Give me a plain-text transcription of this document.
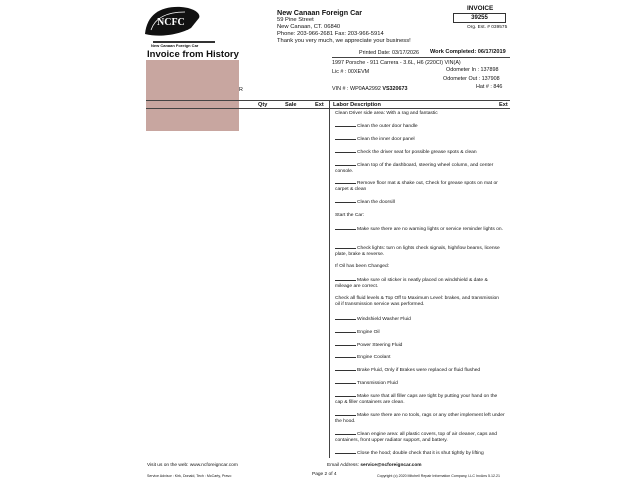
NCFC
New Canaan Foreign Car
New Canaan Foreign Car
59 Pine Street
New Canaan, CT. 06840
Phone: 203-966-2681 Fax: 203-966-5914
Thank you very much, we appreciate your business!
INVOICE
39255
Org. Est. # 039575
Invoice from History	Printed Date: 03/17/2026 Work Completed: 06/17/2019
1997 Porsche - 911 Carrera - 3.6L, H6 (220CI) VIN(A)
Lic # : 00XEVM	Odometer In : 137898
Odometer Out : 137908
Hat # : 846
VIN # : WP0AA2992 VS320673
R
Qty	Sale	Ext Labor Description	Ext
Clean Driver side area: With a rag and fantastic
Clean the outer door handle
Clean the inner door panel
Check the driver seat for possible grease spots & clean
Clean top of the dashboard, steering wheel column, and center console.
Remove floor mat & shake out, Check for grease spots on mat or carpet & clean
Clean the doorsill
Start the Car:
Make sure there are no warning lights or service reminder lights on.
Check lights: turn on lights check signals, high/low beams, license plate, brake & reverse.
If Oil has been Changed:
Make sure oil sticker is neatly placed on windshield & date & mileage are correct.
Check all fluid levels & Top Off to Maximum Level: brakes, and transmission oil if transmission service was performed.
Windshield Washer Fluid
Engine Oil
Power Steering Fluid
Engine Coolant
Brake Fluid, Only if Brakes were replaced or fluid flushed
Transmission Fluid
Make sure that all filler caps are tight by putting your hand on the cap & filler containers are clean.
Make sure there are no tools, rags or any other implement left under the hood.
Clean engine area: all plastic covers, top of air cleaner, caps and containers, front upper radiator support, and battery.
Close the hood; double check that it is shut tightly by lifting
Visit us on the web: www.ncforeigncar.com	Email Address: service@ncforeigncar.com
Service Advisor : Kirk, Donald, Tech : McCarty, Pravo	Page 2 of 4	Copyright (c) 2020 Mitchell Repair Information Company, LLC InvAns 5.12.21
